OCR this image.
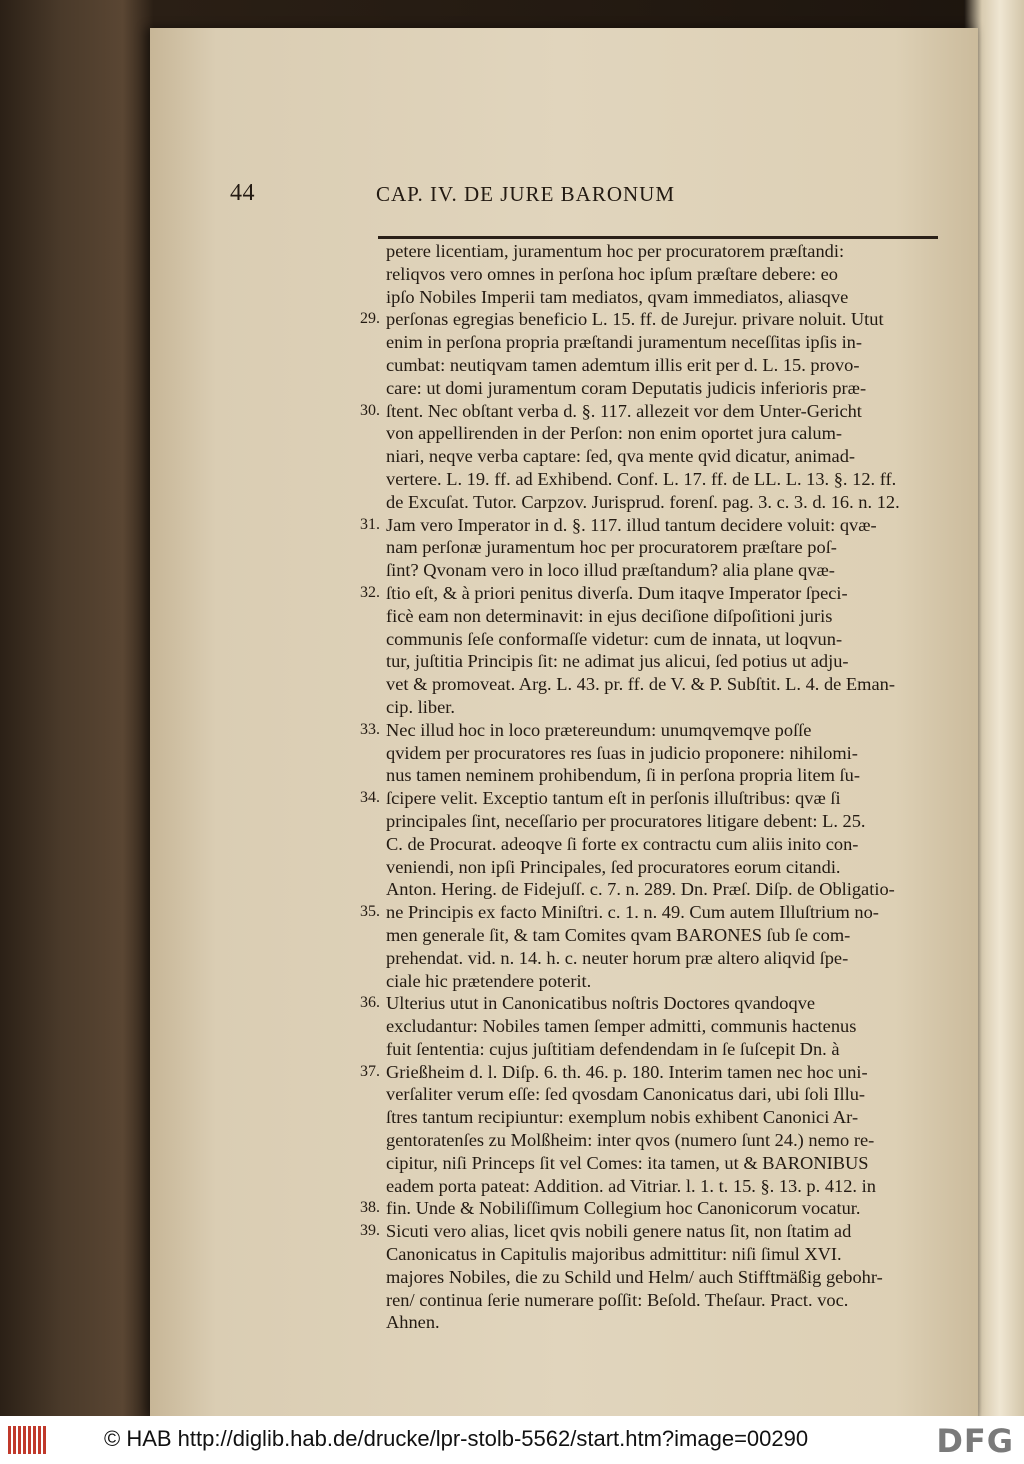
44	CAP. IV. DE JURE BARONUM
petere licentiam, juramentum hoc per procuratorem præſtandi:
reliqvos vero omnes in perſona hoc ipſum præſtare debere: eo
ipſo Nobiles Imperii tam mediatos, qvam immediatos, aliasqve
29. perſonas egregias beneficio L. 15. ff. de Jurejur. privare noluit. Utut
enim in perſona propria præſtandi juramentum neceſſitas ipſis in-
cumbat: neutiqvam tamen ademtum illis erit per d. L. 15. provo-
care: ut domi juramentum coram Deputatis judicis inferioris præ-
30. ſtent. Nec obſtant verba d. §. 117. allezeit vor dem Unter-Gericht
von appellirenden in der Perſon: non enim oportet jura calum-
niari, neqve verba captare: ſed, qva mente qvid dicatur, animad-
vertere. L. 19. ff. ad Exhibend. Conf. L. 17. ff. de LL. L. 13. §. 12. ff.
de Excuſat. Tutor. Carpzov. Jurisprud. forenſ. pag. 3. c. 3. d. 16. n. 12.
31. Jam vero Imperator in d. §. 117. illud tantum decidere voluit: qvæ-
nam perſonæ juramentum hoc per procuratorem præſtare poſ-
ſint? Qvonam vero in loco illud præſtandum? alia plane qvæ-
32. ſtio eſt, & à priori penitus diverſa. Dum itaqve Imperator ſpeci-
ficè eam non determinavit: in ejus deciſione diſpoſitioni juris
communis ſeſe conformaſſe videtur: cum de innata, ut loqvun-
tur, juſtitia Principis ſit: ne adimat jus alicui, ſed potius ut adju-
vet & promoveat. Arg. L. 43. pr. ff. de V. & P. Subſtit. L. 4. de Eman-
cip. liber.
33. Nec illud hoc in loco prætereundum: unumqvemqve poſſe
qvidem per procuratores res ſuas in judicio proponere: nihilomi-
nus tamen neminem prohibendum, ſi in perſona propria litem ſu-
34. ſcipere velit. Exceptio tantum eſt in perſonis illuſtribus: qvæ ſi
principales ſint, neceſſario per procuratores litigare debent: L. 25.
C. de Procurat. adeoqve ſi forte ex contractu cum aliis inito con-
veniendi, non ipſi Principales, ſed procuratores eorum citandi.
Anton. Hering. de Fidejuſſ. c. 7. n. 289. Dn. Præſ. Diſp. de Obligatio-
35. ne Principis ex facto Miniſtri. c. 1. n. 49. Cum autem Illuſtrium no-
men generale ſit, & tam Comites qvam BARONES ſub ſe com-
prehendat. vid. n. 14. h. c. neuter horum præ altero aliqvid ſpe-
ciale hic prætendere poterit.
36. Ulterius utut in Canonicatibus noſtris Doctores qvandoqve
excludantur: Nobiles tamen ſemper admitti, communis hactenus
fuit ſententia: cujus juſtitiam defendendam in ſe ſuſcepit Dn. à
37. Grießheim d. l. Diſp. 6. th. 46. p. 180. Interim tamen nec hoc uni-
verſaliter verum eſſe: ſed qvosdam Canonicatus dari, ubi ſoli Illu-
ſtres tantum recipiuntur: exemplum nobis exhibent Canonici Ar-
gentoratenſes zu Molßheim: inter qvos (numero ſunt 24.) nemo re-
cipitur, niſi Princeps ſit vel Comes: ita tamen, ut & BARONIBUS
eadem porta pateat: Addition. ad Vitriar. l. 1. t. 15. §. 13. p. 412. in
38. fin. Unde & Nobiliſſimum Collegium hoc Canonicorum vocatur.
39. Sicuti vero alias, licet qvis nobili genere natus ſit, non ſtatim ad
Canonicatus in Capitulis majoribus admittitur: niſi ſimul XVI.
majores Nobiles, die zu Schild und Helm/ auch Stifftmäßig gebohr-
ren/ continua ſerie numerare poſſit: Beſold. Theſaur. Pract. voc.
Ahnen.
© HAB http://diglib.hab.de/drucke/lpr-stolb-5562/start.htm?image=00290	DFG
